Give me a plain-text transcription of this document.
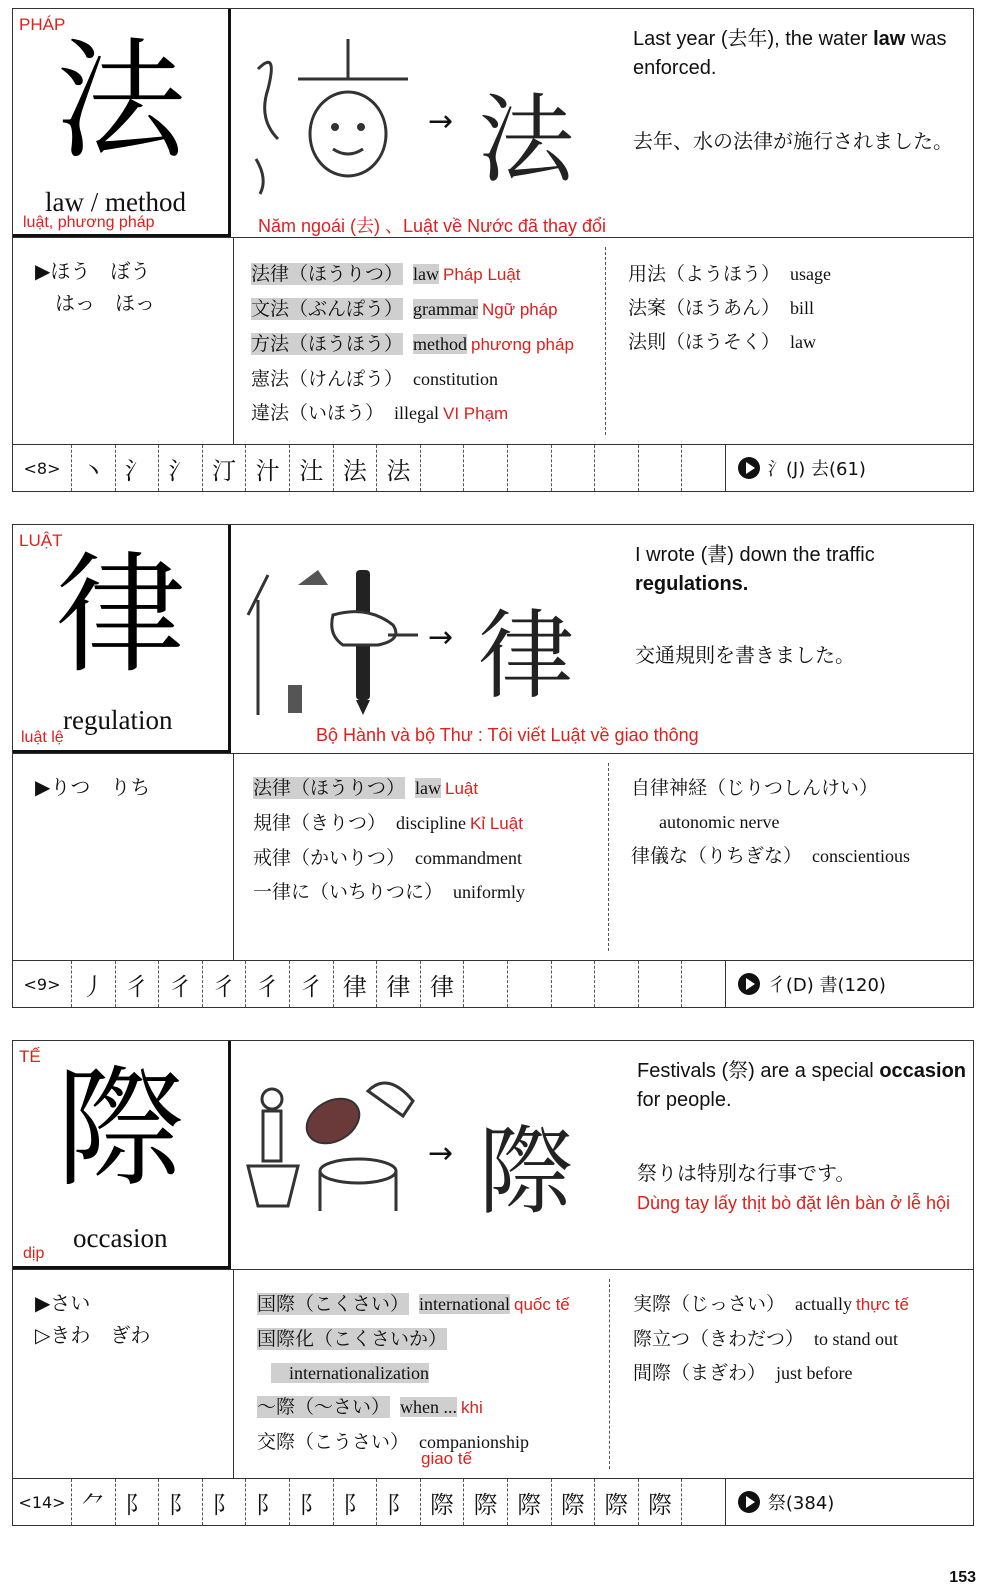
PHÁP
法
law / method
luật, phương pháp
→ 法
Năm ngoái (去) 、Luật về Nước đã thay đổi
Last year (去年), the water law was enforced.
去年、水の法律が施行されました。
▶ほう　ぼう
　はっ　ほっ
法律（ほうりつ） law Pháp Luật
文法（ぶんぽう） grammar Ngữ pháp
方法（ほうほう） method phương pháp
憲法（けんぽう） constitution
違法（いほう） illegal VI Phạm
用法（ようほう） usage
法案（ほうあん） bill
法則（ほうそく） law
<8> 丶 氵 氵 汀 汁 汢 法 法	氵(J) 去(61)
LUẬT
律
regulation
luật lệ
→ 律
Bộ Hành và bộ Thư : Tôi viết Luật về giao thông
I wrote (書) down the traffic regulations.
交通規則を書きました。
▶りつ　りち	法律（ほうりつ） law Luật
規律（きりつ） discipline Kỉ Luật
戒律（かいりつ） commandment
一律に（いちりつに） uniformly
自律神経（じりつしんけい）
　autonomic nerve
律儀な（りちぎな） conscientious
<9> 丿 彳 彳 彳 彳 彳 律 律 律	彳(D) 書(120)
TẾ 際
occasion
dịp
→ 際
Festivals (祭) are a special occasion for people.
祭りは特別な行事です。
Dùng tay lấy thịt bò đặt lên bàn ở lễ hội
▶さい
▷きわ　ぎわ
国際（こくさい） international quốc tế
国際化（こくさいか）
　internationalization
〜際（〜さい） when ... khi
交際（こうさい） companionship
giao tế
実際（じっさい） actually thực tế
際立つ（きわだつ） to stand out
間際（まぎわ） just before
<14> ⺈ 阝 阝 阝 阝 阝 阝 阝 際 際 際 際 際 際	祭(384)
153
